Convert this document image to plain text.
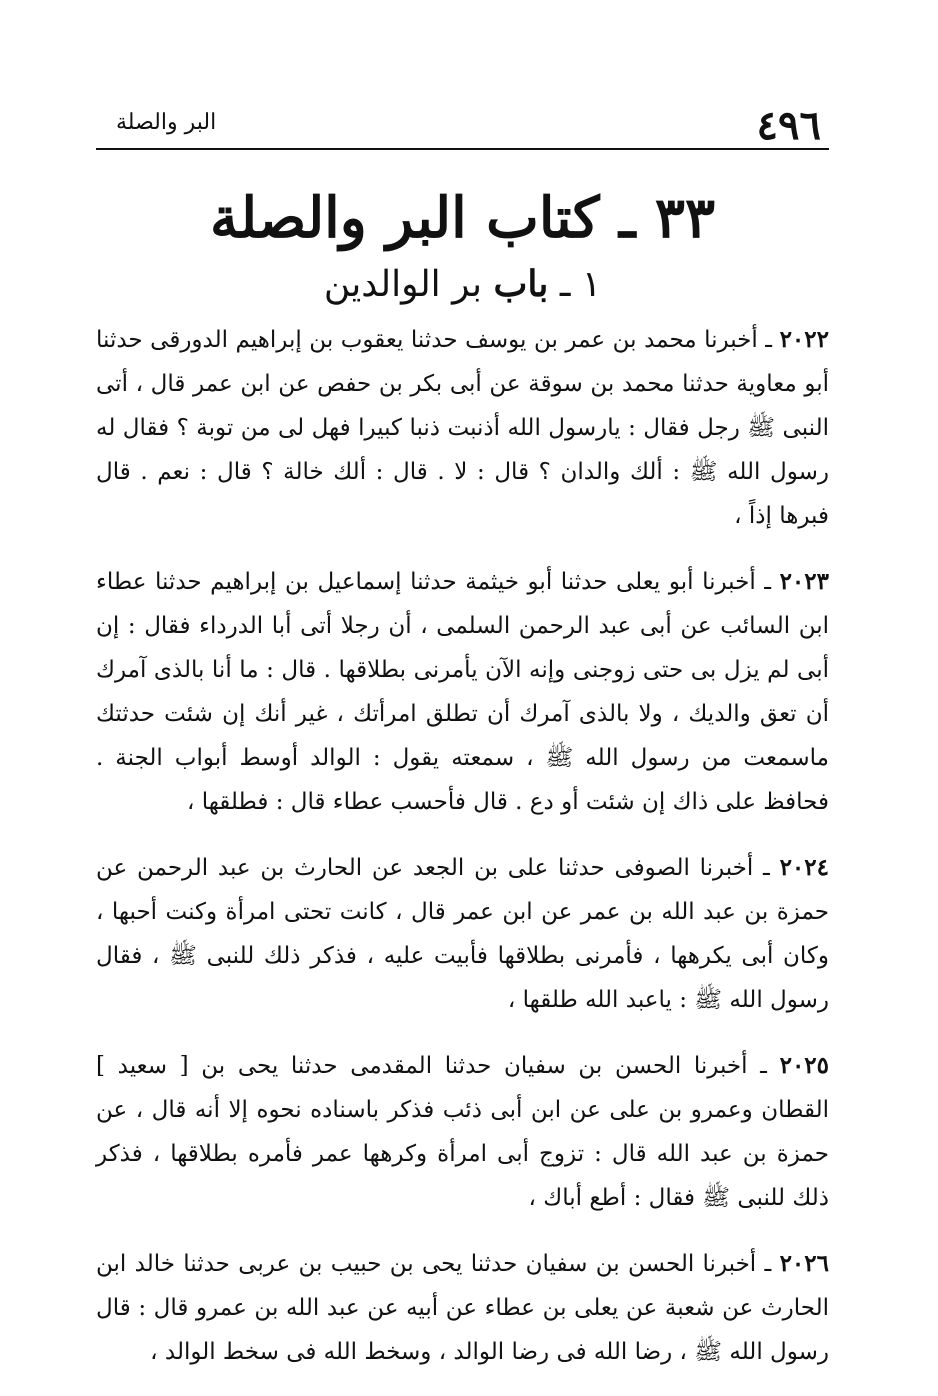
٤٩٦
البر والصلة
٣٣ ـ كتاب البر والصلة
١ ـ باب بر الوالدين

٢٠٢٢ ـ أخبرنا محمد بن عمر بن يوسف حدثنا يعقوب بن إبراهيم الدورقى حدثنا أبو معاوية حدثنا محمد بن سوقة عن أبى بكر بن حفص عن ابن عمر قال ، أتى النبى ﷺ رجل فقال : يارسول الله أذنبت ذنبا كبيرا فهل لى من توبة ؟ فقال له رسول الله ﷺ : ألك والدان ؟ قال : لا . قال : ألك خالة ؟ قال : نعم . قال فبرها إذاً ،

٢٠٢٣ ـ أخبرنا أبو يعلى حدثنا أبو خيثمة حدثنا إسماعيل بن إبراهيم حدثنا عطاء ابن السائب عن أبى عبد الرحمن السلمى ، أن رجلا أتى أبا الدرداء فقال : إن أبى لم يزل بى حتى زوجنى وإنه الآن يأمرنى بطلاقها . قال : ما أنا بالذى آمرك أن تعق والديك ، ولا بالذى آمرك أن تطلق امرأتك ، غير أنك إن شئت حدثتك ماسمعت من رسول الله ﷺ ، سمعته يقول : الوالد أوسط أبواب الجنة . فحافظ على ذاك إن شئت أو دع . قال فأحسب عطاء قال : فطلقها ،

٢٠٢٤ ـ أخبرنا الصوفى حدثنا على بن الجعد عن الحارث بن عبد الرحمن عن حمزة بن عبد الله بن عمر عن ابن عمر قال ، كانت تحتى امرأة وكنت أحبها ، وكان أبى يكرهها ، فأمرنى بطلاقها فأبيت عليه ، فذكر ذلك للنبى ﷺ ، فقال رسول الله ﷺ : ياعبد الله طلقها ،

٢٠٢٥ ـ أخبرنا الحسن بن سفيان حدثنا المقدمى حدثنا يحى بن [ سعيد ] القطان وعمرو بن على عن ابن أبى ذئب فذكر باسناده نحوه إلا أنه قال ، عن حمزة بن عبد الله قال : تزوج أبى امرأة وكرهها عمر فأمره بطلاقها ، فذكر ذلك للنبى ﷺ فقال : أطع أباك ،

٢٠٢٦ ـ أخبرنا الحسن بن سفيان حدثنا يحى بن حبيب بن عربى حدثنا خالد ابن الحارث عن شعبة عن يعلى بن عطاء عن أبيه عن عبد الله بن عمرو قال : قال رسول الله ﷺ ، رضا الله فى رضا الوالد ، وسخط الله فى سخط الوالد ،
